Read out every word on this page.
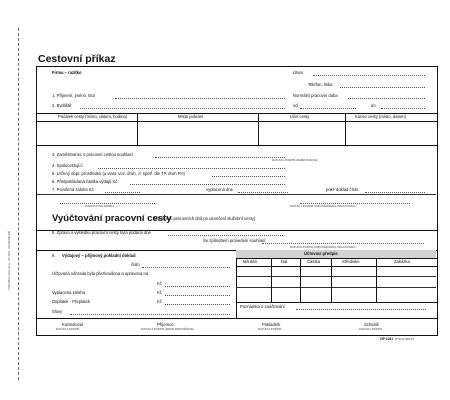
TISKOPISY www.opt.cz, OP 1031 · NEPRODEJNÉ
Cestovní příkaz
Firma – razítko	Útvar
Telefon, linka
Normální pracovní doba
od	do
1. Příjmení, jméno, titul
2. Bydliště
Počátek cesty (místo, datum, hodina)	Místo jednání	Účel cesty	Konec cesty (místo, datum)
3. Zaměstnanec s pracovní cestou souhlasí
DATUM A PODPIS ZAMĚSTNANCE
4. Spolucestující
5. Určený dopr. prostředek (u vlast. voz. druh, ∅ spotř. dle TP, druh PH)
6. Předpokládaná částka výdajů Kč
7. Povolená záloha Kč	vyplacená dne	pokl. doklad číslo
PODPIS POKLADNÍKA	DATUM A PODPIS ODPOVĚDNÉHO PRACOVNÍKA
Vyúčtování pracovní cesty
(do deseti pracovních dnů po ukončení služební cesty)
8. Zpráva o výsledku pracovní cesty byla podána dne
Se způsobem provedení souhlasí:
DATUM A PODPIS ODPOVĚDNÉHO PRACOVNÍKA
9. Výdajový – příjmový pokladní doklad
číslo
Účtovaná náhrada byla přezkoušena a upravena na
Kč
Vyplacena záloha	Kč
Doplatek - Přeplatek	Kč
Slovy
Účtovací předpis
Má dáti	Dal	Částka	Středisko	Zakázka
Poznámka o zaúčtování
Kontroloval
DATUM A PODPIS
Příjemce
DATUM A PODPIS (RESP. ZMOCNĚNCE)
Pokladník
DATUM A PODPIS
Schválil
DATUM A PODPIS
OP 1031 PT2/13 98176
